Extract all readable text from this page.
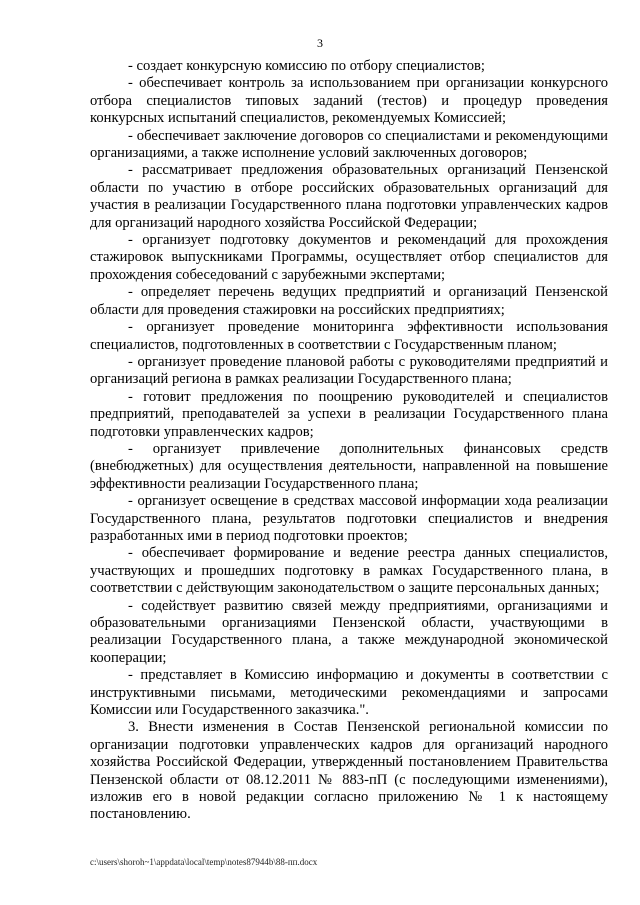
3

- создает конкурсную комиссию по отбору специалистов;

- обеспечивает контроль за использованием при организации конкурсного отбора специалистов типовых заданий (тестов) и процедур проведения конкурсных испытаний специалистов, рекомендуемых Комиссией;

- обеспечивает заключение договоров со специалистами и рекомендующими организациями, а также исполнение условий заключенных договоров;

- рассматривает предложения образовательных организаций Пензенской области по участию в отборе российских образовательных организаций для участия в реализации Государственного плана подготовки управленческих кадров для организаций народного хозяйства Российской Федерации;

- организует подготовку документов и рекомендаций для прохождения стажировок выпускниками Программы, осуществляет отбор специалистов для прохождения собеседований с зарубежными экспертами;

- определяет перечень ведущих предприятий и организаций Пензенской области для проведения стажировки на российских предприятиях;

- организует проведение мониторинга эффективности использования специалистов, подготовленных в соответствии с Государственным планом;

- организует проведение плановой работы с руководителями предприятий и организаций региона в рамках реализации Государственного плана;

- готовит предложения по поощрению руководителей и специалистов предприятий, преподавателей за успехи в реализации Государственного плана подготовки управленческих кадров;

- организует привлечение дополнительных финансовых средств (внебюджетных) для осуществления деятельности, направленной на повышение эффективности реализации Государственного плана;

- организует освещение в средствах массовой информации хода реализации Государственного плана, результатов подготовки специалистов и внедрения разработанных ими в период подготовки проектов;

- обеспечивает формирование и ведение реестра данных специалистов, участвующих и прошедших подготовку в рамках Государственного плана, в соответствии с действующим законодательством о защите персональных данных;

- содействует развитию связей между предприятиями, организациями и образовательными организациями Пензенской области, участвующими в реализации Государственного плана, а также международной экономической кооперации;

- представляет в Комиссию информацию и документы в соответствии с инструктивными письмами, методическими рекомендациями и запросами Комиссии или Государственного заказчика.".

3. Внести изменения в Состав Пензенской региональной комиссии по организации подготовки управленческих кадров для организаций народного хозяйства Российской Федерации, утвержденный постановлением Правительства Пензенской области от 08.12.2011 № 883-пП (с последующими изменениями), изложив его в новой редакции согласно приложению № 1 к настоящему постановлению.

c:\users\shoroh~1\appdata\local\temp\notes87944b\88-пп.docx
